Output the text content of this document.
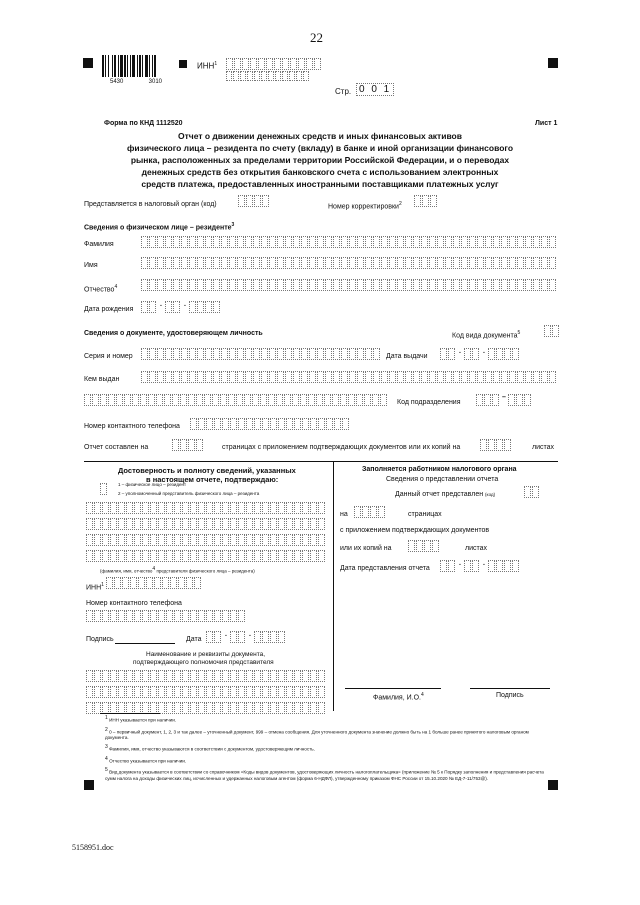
22
5430	3010
ИНН$^1$
Стр. 0 0 1
Форма по КНД 1112520	Лист 1
Отчет о движении денежных средств и иных финансовых активов
физического лица – резидента по счету (вкладу) в банке и иной организации финансового
рынка, расположенных за пределами территории Российской Федерации, и о переводах
денежных средств без открытия банковского счета с использованием электронных
средств платежа, предоставленных иностранными поставщиками платежных услуг
Представляется в налоговый орган (код)	Номер корректировки$^2$
Сведения о физическом лице – резиденте$^3$
Фамилия
Имя
Отчество$^4$
Дата рождения
.	.
Сведения о документе, удостоверяющем личность	Код вида документа$^5$
Серия и номер	Дата выдачи
.	.
Кем выдан
Код подразделения
–
Номер контактного телефона
Отчет составлен на	страницах с приложением подтверждающих документов или их копий на	листах
Достоверность и полноту сведений, указанных
в настоящем отчете, подтверждаю:
1 – физическое лицо – резидент
2 – уполномоченный представитель физического лица – резидента
(фамилия, имя, отчество$^4$ представителя физического лица – резидента)
ИНН$^1$
Номер контактного телефона
Подпись	Дата
.	.
Наименование и реквизиты документа,
подтверждающего полномочия представителя
Заполняется работником налогового органа
Сведения о представлении отчета
Данный отчет представлен (код)
на	страницах
с приложением подтверждающих документов
или их копий на	листах
Дата представления отчета
.	.
Фамилия, И.О.$^4$	Подпись
$^1$ ИНН указывается при наличии.
$^2$ 0 – первичный документ, 1, 2, 3 и так далее – уточненный документ, 999 – отмена сообщения. Для уточненного документа значение должно быть на 1 больше ранее принятого налоговым органом документа.
$^3$ Фамилия, имя, отчество указываются в соответствии с документом, удостоверяющим личность.
$^4$ Отчество указывается при наличии.
$^5$ Вид документа указывается в соответствии со справочником «Коды видов документов, удостоверяющих личность налогоплательщика» (приложение № 5 к Порядку заполнения и представления расчета сумм налога на доходы физических лиц, исчисленных и удержанных налоговым агентом (форма 6-НДФЛ), утвержденному приказом ФНС России от 15.10.2020 № ЕД-7-11/753@).
5158951.doc
